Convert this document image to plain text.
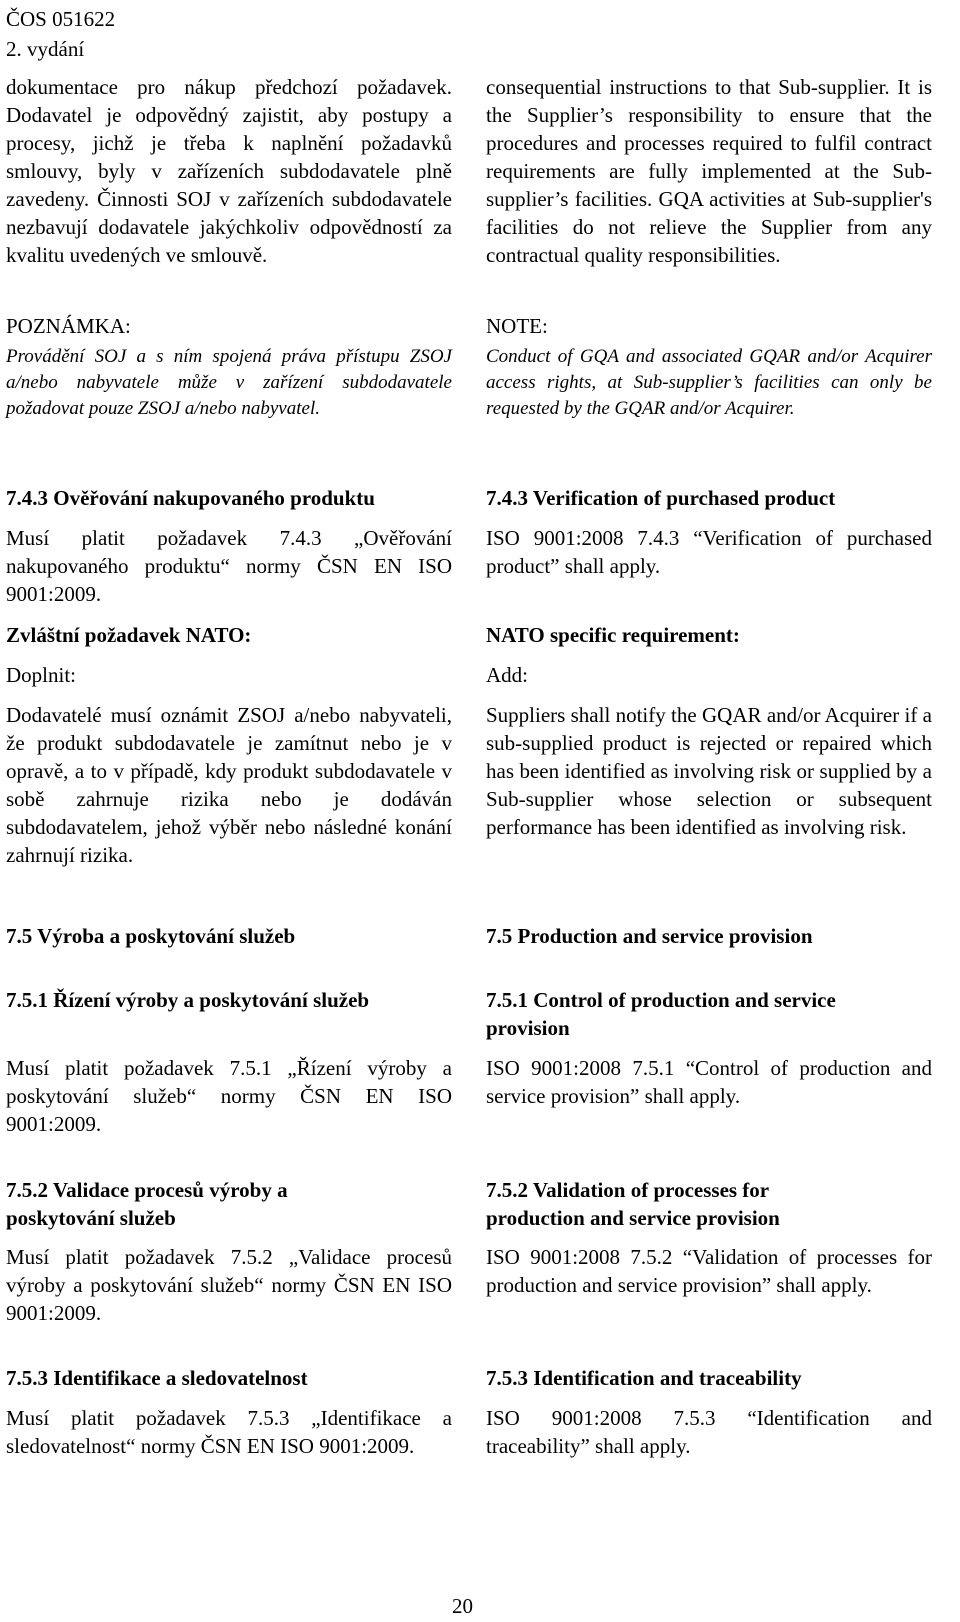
ČOS 051622
2. vydání

dokumentace pro nákup předchozí požadavek. Dodavatel je odpovědný zajistit, aby postupy a procesy, jichž je třeba k naplnění požadavků smlouvy, byly v zařízeních subdodavatele plně zavedeny. Činnosti SOJ v zařízeních subdodavatele nezbavují dodavatele jakýchkoliv odpovědností za kvalitu uvedených ve smlouvě.

POZNÁMKA:

Provádění SOJ a s ním spojená práva přístupu ZSOJ a/nebo nabyvatele může v zařízení subdodavatele požadovat pouze ZSOJ a/nebo nabyvatel.

7.4.3 Ověřování nakupovaného produktu

Musí platit požadavek 7.4.3 „Ověřování nakupovaného produktu“ normy ČSN EN ISO 9001:2009.

Zvláštní požadavek NATO:

Doplnit:

Dodavatelé musí oznámit ZSOJ a/nebo nabyvateli, že produkt subdodavatele je zamítnut nebo je v opravě, a to v případě, kdy produkt subdodavatele v sobě zahrnuje rizika nebo je dodáván subdodavatelem, jehož výběr nebo následné konání zahrnují rizika.

7.5 Výroba a poskytování služeb

7.5.1 Řízení výroby a poskytování služeb

Musí platit požadavek 7.5.1 „Řízení výroby a poskytování služeb“ normy ČSN EN ISO 9001:2009.

7.5.2 Validace procesů výroby a poskytování služeb

Musí platit požadavek 7.5.2 „Validace procesů výroby a poskytování služeb“ normy ČSN EN ISO 9001:2009.

7.5.3 Identifikace a sledovatelnost

Musí platit požadavek 7.5.3 „Identifikace a sledovatelnost“ normy ČSN EN ISO 9001:2009.

consequential instructions to that Sub-supplier. It is the Supplier’s responsibility to ensure that the procedures and processes required to fulfil contract requirements are fully implemented at the Sub-supplier’s facilities. GQA activities at Sub-supplier's facilities do not relieve the Supplier from any contractual quality responsibilities.

NOTE:

Conduct of GQA and associated GQAR and/or Acquirer access rights, at Sub-supplier’s facilities can only be requested by the GQAR and/or Acquirer.

7.4.3 Verification of purchased product

ISO 9001:2008 7.4.3 “Verification of purchased product” shall apply.

NATO specific requirement:

Add:

Suppliers shall notify the GQAR and/or Acquirer if a sub-supplied product is rejected or repaired which has been identified as involving risk or supplied by a Sub-supplier whose selection or subsequent performance has been identified as involving risk.

7.5 Production and service provision

7.5.1 Control of production and service provision

ISO 9001:2008 7.5.1 “Control of production and service provision” shall apply.

7.5.2 Validation of processes for production and service provision

ISO 9001:2008 7.5.2 “Validation of processes for production and service provision” shall apply.

7.5.3 Identification and traceability

ISO 9001:2008 7.5.3 “Identification and traceability” shall apply.

20
